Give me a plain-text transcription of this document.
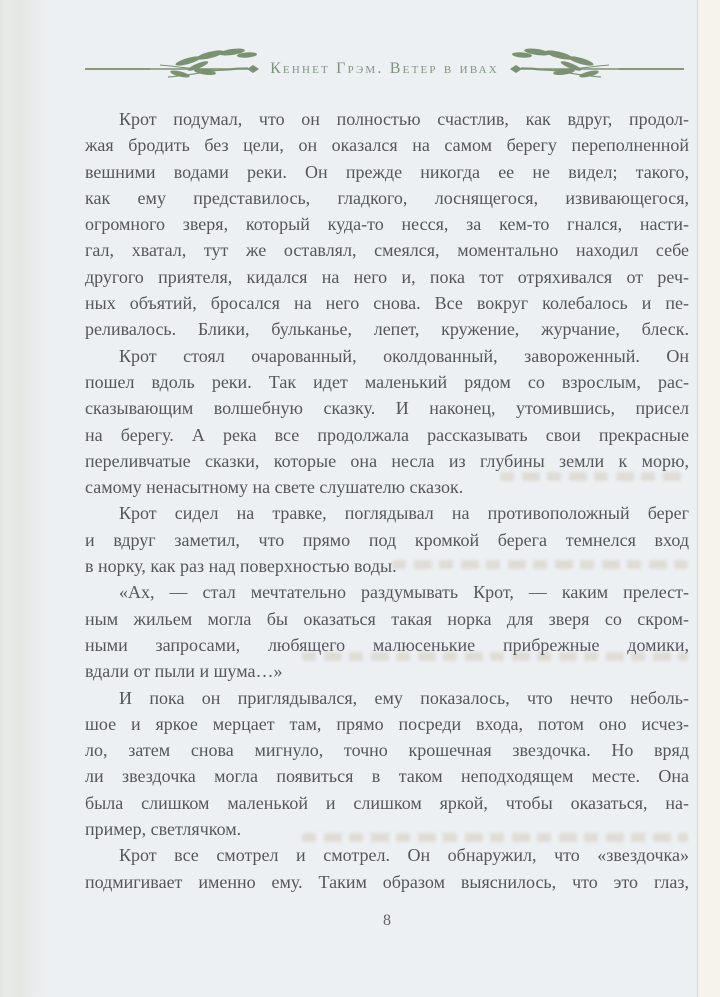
Кеннет Грэм. Ветер в ивах
Крот подумал, что он полностью счастлив, как вдруг, продол-
жая бродить без цели, он оказался на самом берегу переполненной
вешними водами реки. Он прежде никогда ее не видел; такого,
как ему представилось, гладкого, лоснящегося, извивающегося,
огромного зверя, который куда-то несся, за кем-то гнался, насти-
гал, хватал, тут же оставлял, смеялся, моментально находил себе
другого приятеля, кидался на него и, пока тот отряхивался от реч-
ных объятий, бросался на него снова. Все вокруг колебалось и пе-
реливалось. Блики, бульканье, лепет, кружение, журчание, блеск.
Крот стоял очарованный, околдованный, завороженный. Он
пошел вдоль реки. Так идет маленький рядом со взрослым, рас-
сказывающим волшебную сказку. И наконец, утомившись, присел
на берегу. А река все продолжала рассказывать свои прекрасные
переливчатые сказки, которые она несла из глубины земли к морю,
самому ненасытному на свете слушателю сказок.
Крот сидел на травке, поглядывал на противоположный берег
и вдруг заметил, что прямо под кромкой берега темнелся вход
в норку, как раз над поверхностью воды.
«Ах, — стал мечтательно раздумывать Крот, — каким прелест-
ным жильем могла бы оказаться такая норка для зверя со скром-
ными запросами, любящего малюсенькие прибрежные домики,
вдали от пыли и шума…»
И пока он приглядывался, ему показалось, что нечто неболь-
шое и яркое мерцает там, прямо посреди входа, потом оно исчез-
ло, затем снова мигнуло, точно крошечная звездочка. Но вряд
ли звездочка могла появиться в таком неподходящем месте. Она
была слишком маленькой и слишком яркой, чтобы оказаться, на-
пример, светлячком.
Крот все смотрел и смотрел. Он обнаружил, что «звездочка»
подмигивает именно ему. Таким образом выяснилось, что это глаз,
8
